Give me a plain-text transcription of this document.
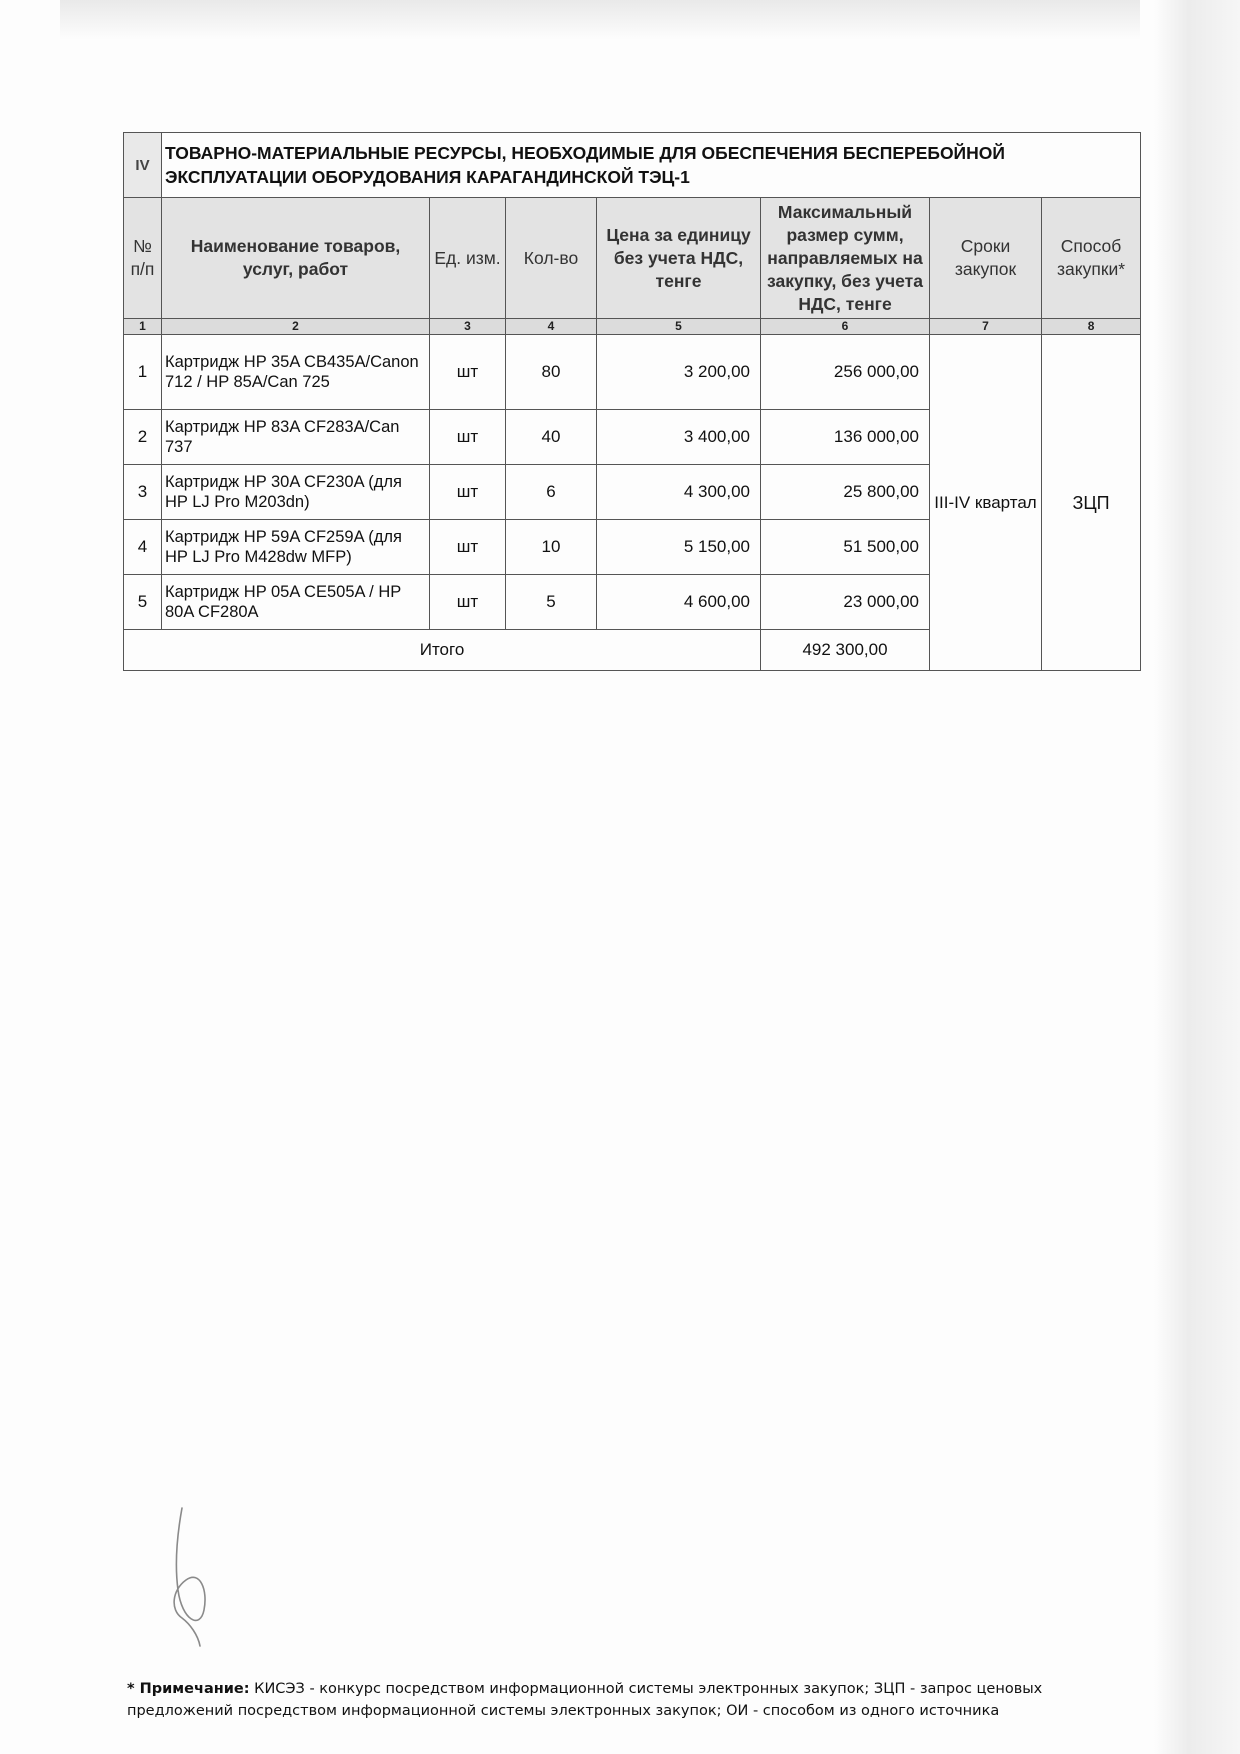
IV	ТОВАРНО-МАТЕРИАЛЬНЫЕ РЕСУРСЫ, НЕОБХОДИМЫЕ ДЛЯ ОБЕСПЕЧЕНИЯ БЕСПЕРЕБОЙНОЙ ЭКСПЛУАТАЦИИ ОБОРУДОВАНИЯ КАРАГАНДИНСКОЙ ТЭЦ-1						
№ п/п	Наименование товаров, услуг, работ	Ед. изм.	Кол-во	Цена за единицу без учета НДС, тенге	Максимальный размер сумм, направляемых на закупку, без учета НДС, тенге	Сроки закупок	Способ закупки*
1	2	3	4	5	6	7	8
1	Картридж HP 35A CB435A/Canon 712 / HP 85A/Can 725	шт	80	3 200,00	256 000,00	III-IV квартал	ЗЦП
2	Картридж HP 83A CF283A/Can 737	шт	40	3 400,00	136 000,00		
3	Картридж HP 30A CF230A (для HP LJ Pro M203dn)	шт	6	4 300,00	25 800,00		
4	Картридж HP 59A CF259A (для HP LJ Pro M428dw MFP)	шт	10	5 150,00	51 500,00		
5	Картридж HP 05A CE505A / HP 80A CF280A	шт	5	4 600,00	23 000,00		
Итого					492 300,00		
* Примечание: КИСЭЗ - конкурс посредством информационной системы электронных закупок; ЗЦП - запрос ценовых предложений посредством информационной системы электронных закупок; ОИ - способом из одного источника
